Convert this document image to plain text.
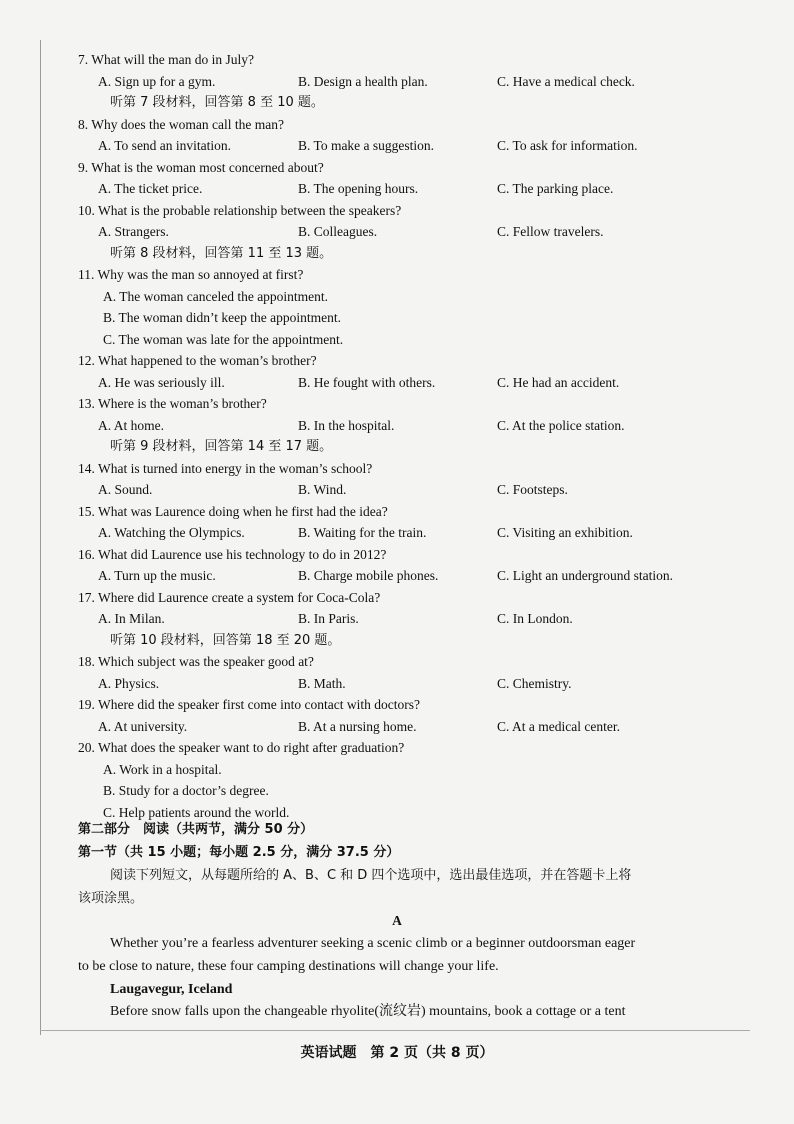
7. What will the man do in July?
A. Sign up for a gym.	B. Design a health plan.	C. Have a medical check.
听第 7 段材料，回答第 8 至 10 题。
8. Why does the woman call the man?
A. To send an invitation.	B. To make a suggestion.	C. To ask for information.
9. What is the woman most concerned about?
A. The ticket price.	B. The opening hours.	C. The parking place.
10. What is the probable relationship between the speakers?
A. Strangers.	B. Colleagues.	C. Fellow travelers.
听第 8 段材料，回答第 11 至 13 题。
11. Why was the man so annoyed at first?
A. The woman canceled the appointment.
B. The woman didn’t keep the appointment.
C. The woman was late for the appointment.
12. What happened to the woman’s brother?
A. He was seriously ill.	B. He fought with others.	C. He had an accident.
13. Where is the woman’s brother?
A. At home.	B. In the hospital.	C. At the police station.
听第 9 段材料，回答第 14 至 17 题。
14. What is turned into energy in the woman’s school?
A. Sound.	B. Wind.	C. Footsteps.
15. What was Laurence doing when he first had the idea?
A. Watching the Olympics.	B. Waiting for the train.	C. Visiting an exhibition.
16. What did Laurence use his technology to do in 2012?
A. Turn up the music.	B. Charge mobile phones.	C. Light an underground station.
17. Where did Laurence create a system for Coca-Cola?
A. In Milan.	B. In Paris.	C. In London.
听第 10 段材料，回答第 18 至 20 题。
18. Which subject was the speaker good at?
A. Physics.	B. Math.	C. Chemistry.
19. Where did the speaker first come into contact with doctors?
A. At university.	B. At a nursing home.	C. At a medical center.
20. What does the speaker want to do right after graduation?
A. Work in a hospital.
B. Study for a doctor’s degree.
C. Help patients around the world.
第二部分　阅读（共两节，满分 50 分）
第一节（共 15 小题；每小题 2.5 分，满分 37.5 分）
阅读下列短文，从每题所给的 A、B、C 和 D 四个选项中，选出最佳选项，并在答题卡上将
该项涂黑。
A
Whether you’re a fearless adventurer seeking a scenic climb or a beginner outdoorsman eager
to be close to nature, these four camping destinations will change your life.
Laugavegur, Iceland
Before snow falls upon the changeable rhyolite(流纹岩) mountains, book a cottage or a tent
英语试题　第 2 页（共 8 页）
